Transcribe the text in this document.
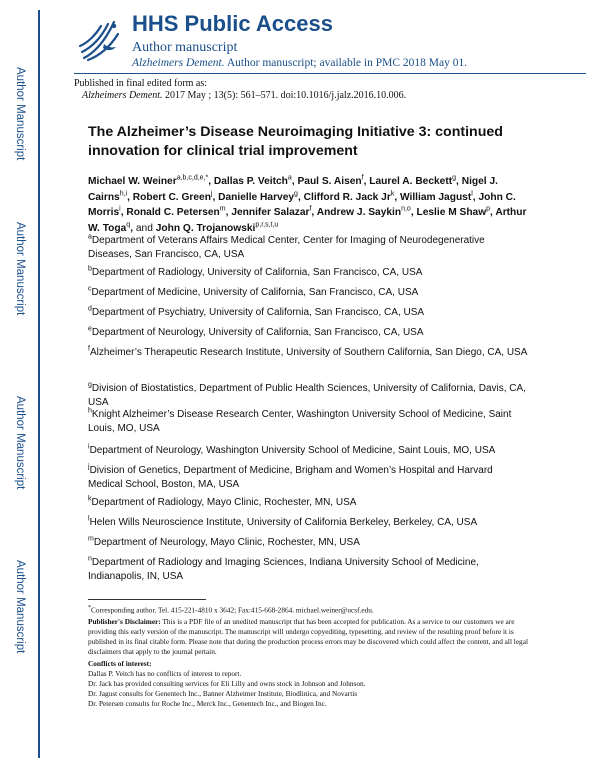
Author Manuscript
Author Manuscript
Author Manuscript
Author Manuscript
HHS Public Access
Author manuscript
Alzheimers Dement. Author manuscript; available in PMC 2018 May 01.
Published in final edited form as:
Alzheimers Dement. 2017 May ; 13(5): 561–571. doi:10.1016/j.jalz.2016.10.006.
The Alzheimer’s Disease Neuroimaging Initiative 3: continued innovation for clinical trial improvement
Michael W. Weiner$^{a,b,c,d,e,*}$, Dallas P. Veitch$^a$, Paul S. Aisen$^f$, Laurel A. Beckett$^g$, Nigel J. Cairns$^{h,i}$, Robert C. Green$^j$, Danielle Harvey$^g$, Clifford R. Jack Jr$^k$, William Jagust$^l$, John C. Morris$^i$, Ronald C. Petersen$^m$, Jennifer Salazar$^f$, Andrew J. Saykin$^{n,o}$, Leslie M Shaw$^p$, Arthur W. Toga$^q$, and John Q. Trojanowski$^{p,r,s,t,u}$
$^a$Department of Veterans Affairs Medical Center, Center for Imaging of Neurodegenerative Diseases, San Francisco, CA, USA
$^b$Department of Radiology, University of California, San Francisco, CA, USA
$^c$Department of Medicine, University of California, San Francisco, CA, USA
$^d$Department of Psychiatry, University of California, San Francisco, CA, USA
$^e$Department of Neurology, University of California, San Francisco, CA, USA
$^f$Alzheimer’s Therapeutic Research Institute, University of Southern California, San Diego, CA, USA
$^g$Division of Biostatistics, Department of Public Health Sciences, University of California, Davis, CA, USA
$^h$Knight Alzheimer’s Disease Research Center, Washington University School of Medicine, Saint Louis, MO, USA
$^i$Department of Neurology, Washington University School of Medicine, Saint Louis, MO, USA
$^j$Division of Genetics, Department of Medicine, Brigham and Women’s Hospital and Harvard Medical School, Boston, MA, USA
$^k$Department of Radiology, Mayo Clinic, Rochester, MN, USA
$^l$Helen Wills Neuroscience Institute, University of California Berkeley, Berkeley, CA, USA
$^m$Department of Neurology, Mayo Clinic, Rochester, MN, USA
$^n$Department of Radiology and Imaging Sciences, Indiana University School of Medicine, Indianapolis, IN, USA

*Corresponding author. Tel. 415-221-4810 x 3642; Fax:415-668-2864. michael.weiner@ucsf.edu.

Publisher's Disclaimer: This is a PDF file of an unedited manuscript that has been accepted for publication. As a service to our customers we are providing this early version of the manuscript. The manuscript will undergo copyediting, typesetting, and review of the resulting proof before it is published in its final citable form. Please note that during the production process errors may be discovered which could affect the content, and all legal disclaimers that apply to the journal pertain.

Conflicts of interest:

Dallas P. Veitch has no conflicts of interest to report.

Dr. Jack has provided consulting services for Eli Lilly and owns stock in Johnson and Johnson.

Dr. Jagust consults for Genentech Inc., Banner Alzheimer Institute, Biodlinica, and Novartis

Dr. Petersen consults for Roche Inc., Merck Inc., Genentech Inc., and Biogen Inc.
